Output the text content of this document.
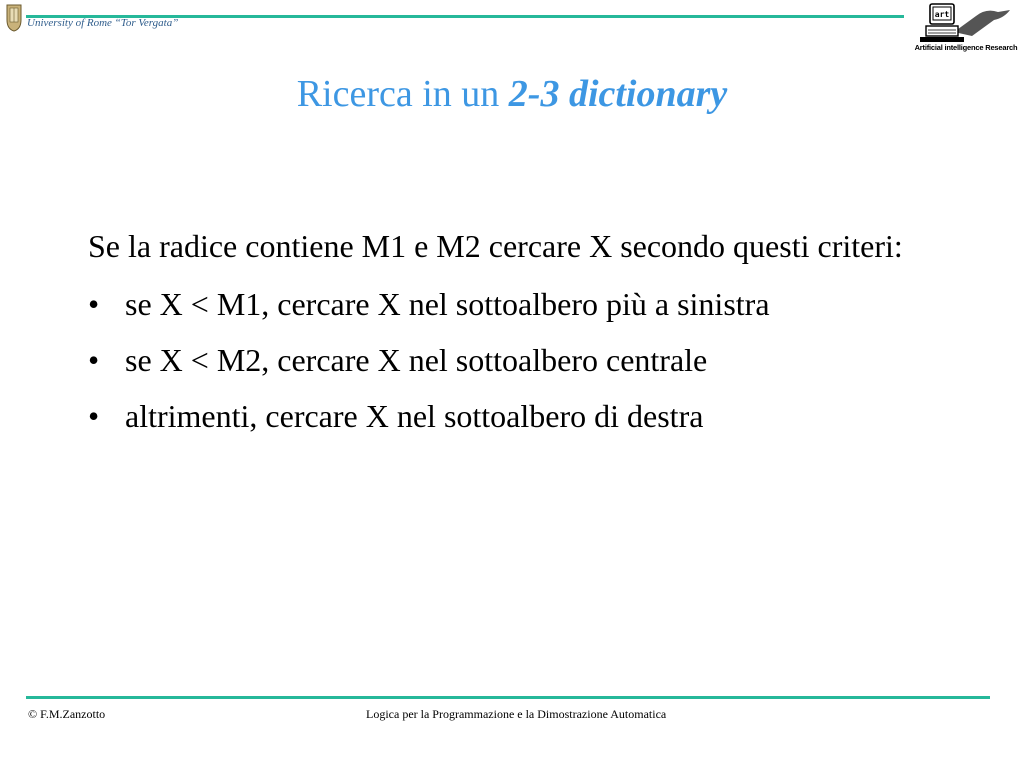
University of Rome “Tor Vergata”
art
Artificial intelligence Research
Ricerca in un 2-3 dictionary

Se la radice contiene M1 e M2 cercare X secondo questi criteri:

• se X < M1, cercare X nel sottoalbero più a sinistra
• se X < M2, cercare X nel sottoalbero centrale
• altrimenti, cercare X nel sottoalbero di destra
© F.M.Zanzotto	Logica per la Programmazione e la Dimostrazione Automatica
